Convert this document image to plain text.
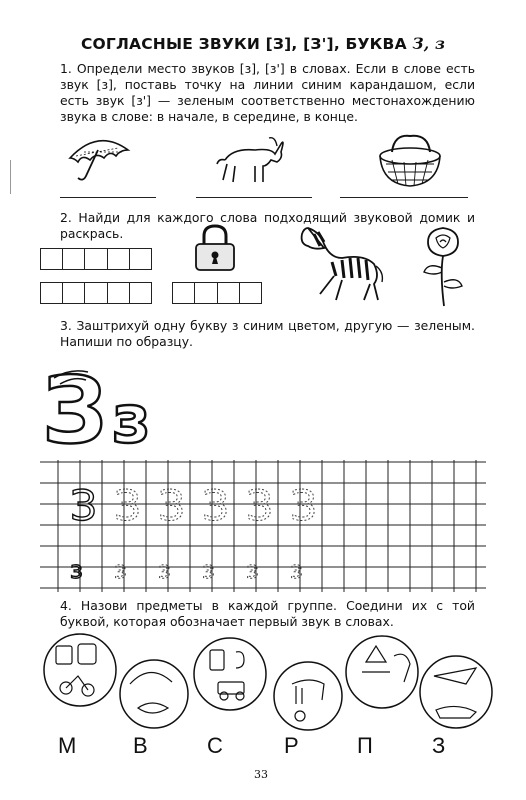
СОГЛАСНЫЕ ЗВУКИ [З], [З'], БУКВА З, з
1. Определи место звуков [з], [з'] в словах. Если в слове есть звук [з], поставь точку на линии синим карандашом, если есть звук [з'] — зеленым соответственно местонахождению звука в слове: в начале, в середине, в конце.
2. Найди для каждого слова подходящий звуковой домик и раскрась.
3. Заштрихуй одну букву з синим цветом, другую — зеленым. Напиши по образцу.
З з
З
з
З З З З З
з з з з з
4. Назови предметы в каждой группе. Соедини их с той буквой, которая обозначает первый звук в словах.
М	В	С	Р	П	З
33
